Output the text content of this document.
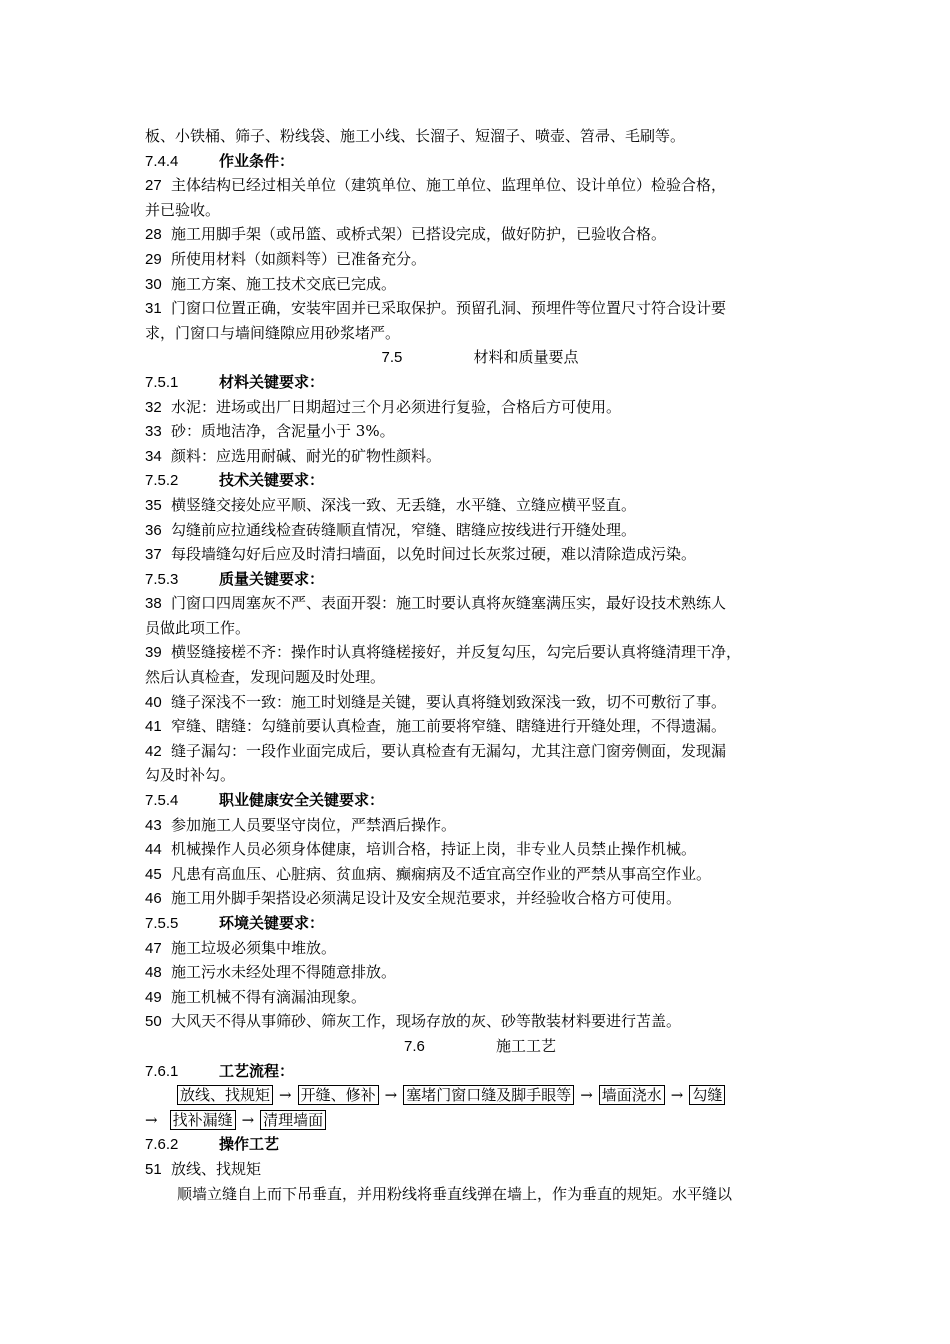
板、小铁桶、筛子、粉线袋、施工小线、长溜子、短溜子、喷壶、笤帚、毛刷等。
7.4.4	作业条件：
27 主体结构已经过相关单位（建筑单位、施工单位、监理单位、设计单位）检验合格，
并已验收。
28 施工用脚手架（或吊篮、或桥式架）已搭设完成，做好防护，已验收合格。
29 所使用材料（如颜料等）已准备充分。
30 施工方案、施工技术交底已完成。
31 门窗口位置正确，安装牢固并已采取保护。预留孔洞、预埋件等位置尺寸符合设计要
求，门窗口与墙间缝隙应用砂浆堵严。
7.5	材料和质量要点
7.5.1	材料关键要求：
32 水泥：进场或出厂日期超过三个月必须进行复验，合格后方可使用。
33 砂：质地洁净，含泥量小于 3%。
34 颜料：应选用耐碱、耐光的矿物性颜料。
7.5.2	技术关键要求：
35 横竖缝交接处应平顺、深浅一致、无丢缝，水平缝、立缝应横平竖直。
36 勾缝前应拉通线检查砖缝顺直情况，窄缝、瞎缝应按线进行开缝处理。
37 每段墙缝勾好后应及时清扫墙面，以免时间过长灰浆过硬，难以清除造成污染。
7.5.3	质量关键要求：
38 门窗口四周塞灰不严、表面开裂：施工时要认真将灰缝塞满压实，最好设技术熟练人
员做此项工作。
39 横竖缝接槎不齐：操作时认真将缝槎接好，并反复勾压，勾完后要认真将缝清理干净，
然后认真检查，发现问题及时处理。
40 缝子深浅不一致：施工时划缝是关键，要认真将缝划致深浅一致，切不可敷衍了事。
41 窄缝、瞎缝：勾缝前要认真检查，施工前要将窄缝、瞎缝进行开缝处理，不得遗漏。
42 缝子漏勾：一段作业面完成后，要认真检查有无漏勾，尤其注意门窗旁侧面，发现漏
勾及时补勾。
7.5.4	职业健康安全关键要求：
43 参加施工人员要坚守岗位，严禁酒后操作。
44 机械操作人员必须身体健康，培训合格，持证上岗，非专业人员禁止操作机械。
45 凡患有高血压、心脏病、贫血病、癫痫病及不适宜高空作业的严禁从事高空作业。
46 施工用外脚手架搭设必须满足设计及安全规范要求，并经验收合格方可使用。
7.5.5	环境关键要求：
47 施工垃圾必须集中堆放。
48 施工污水未经处理不得随意排放。
49 施工机械不得有滴漏油现象。
50 大风天不得从事筛砂、筛灰工作，现场存放的灰、砂等散装材料要进行苫盖。
7.6	施工工艺
7.6.1	工艺流程：
放线、找规矩 → 开缝、修补 → 塞堵门窗口缝及脚手眼等 → 墙面浇水 → 勾缝
→ 找补漏缝 → 清理墙面
7.6.2	操作工艺
51 放线、找规矩
顺墙立缝自上而下吊垂直，并用粉线将垂直线弹在墙上，作为垂直的规矩。水平缝以
